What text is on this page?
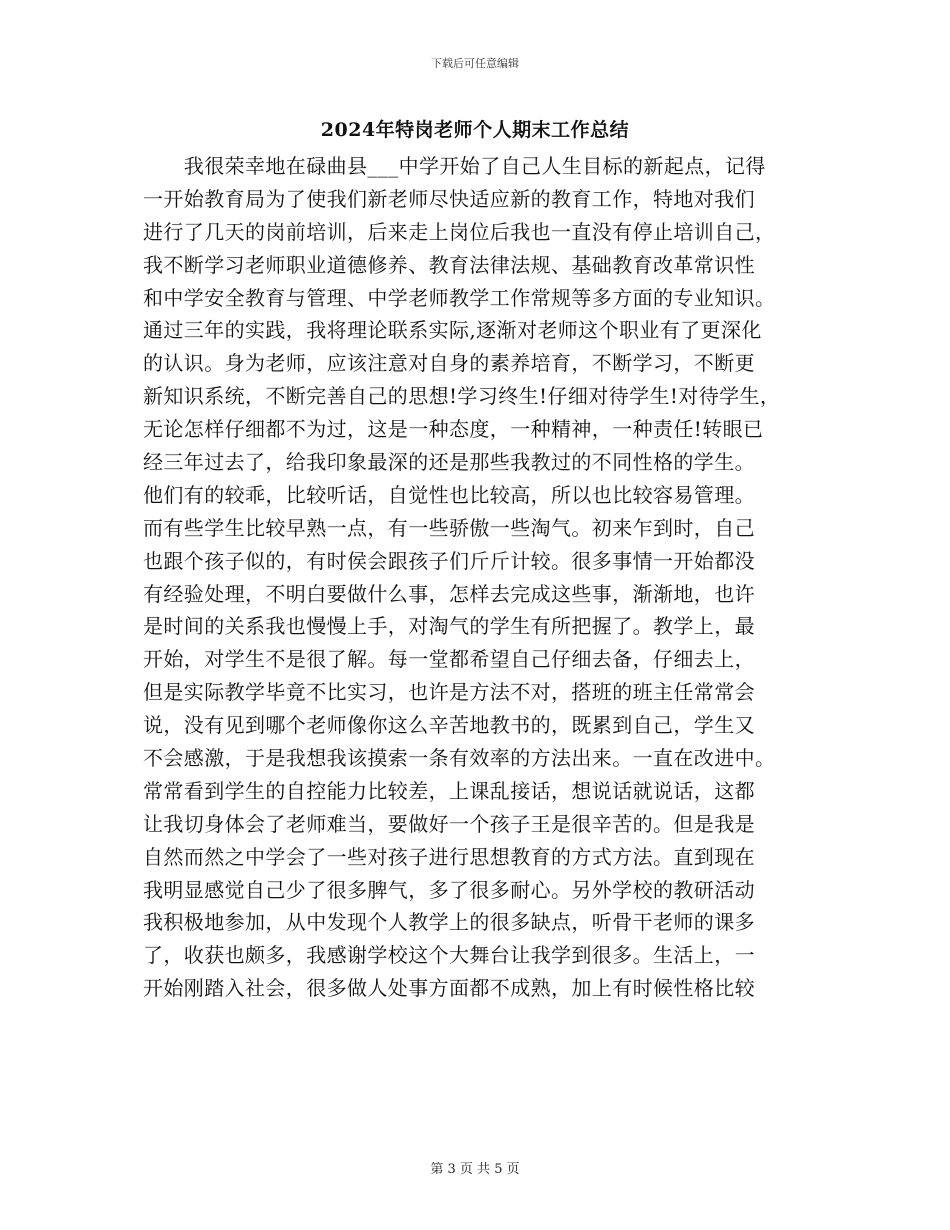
下载后可任意编辑
2024年特岗老师个人期末工作总结
　　我很荣幸地在碌曲县___中学开始了自己人生目标的新起点，记得
一开始教育局为了使我们新老师尽快适应新的教育工作，特地对我们
进行了几天的岗前培训，后来走上岗位后我也一直没有停止培训自己，
我不断学习老师职业道德修养、教育法律法规、基础教育改革常识性
和中学安全教育与管理、中学老师教学工作常规等多方面的专业知识。
通过三年的实践，我将理论联系实际,逐渐对老师这个职业有了更深化
的认识。身为老师，应该注意对自身的素养培育，不断学习，不断更
新知识系统，不断完善自己的思想!学习终生!仔细对待学生!对待学生，
无论怎样仔细都不为过，这是一种态度，一种精神，一种责任!转眼已
经三年过去了，给我印象最深的还是那些我教过的不同性格的学生。
他们有的较乖，比较听话，自觉性也比较高，所以也比较容易管理。
而有些学生比较早熟一点，有一些骄傲一些淘气。初来乍到时，自己
也跟个孩子似的，有时侯会跟孩子们斤斤计较。很多事情一开始都没
有经验处理，不明白要做什么事，怎样去完成这些事，渐渐地，也许
是时间的关系我也慢慢上手，对淘气的学生有所把握了。教学上，最
开始，对学生不是很了解。每一堂都希望自己仔细去备，仔细去上，
但是实际教学毕竟不比实习，也许是方法不对，搭班的班主任常常会
说，没有见到哪个老师像你这么辛苦地教书的，既累到自己，学生又
不会感激，于是我想我该摸索一条有效率的方法出来。一直在改进中。
常常看到学生的自控能力比较差，上课乱接话，想说话就说话，这都
让我切身体会了老师难当，要做好一个孩子王是很辛苦的。但是我是
自然而然之中学会了一些对孩子进行思想教育的方式方法。直到现在
我明显感觉自己少了很多脾气，多了很多耐心。另外学校的教研活动
我积极地参加，从中发现个人教学上的很多缺点，听骨干老师的课多
了，收获也颇多，我感谢学校这个大舞台让我学到很多。生活上，一
开始刚踏入社会，很多做人处事方面都不成熟，加上有时候性格比较
第 3 页 共 5 页
